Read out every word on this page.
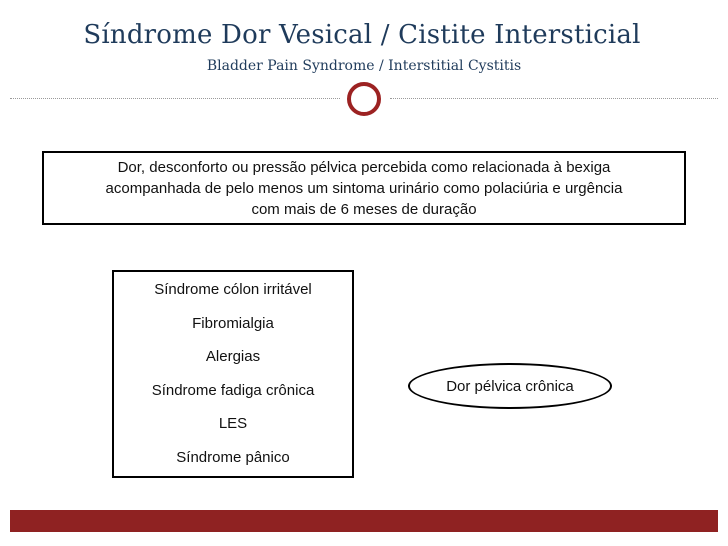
Síndrome Dor Vesical / Cistite Intersticial
Bladder Pain Syndrome / Interstitial Cystitis
Dor, desconforto ou pressão pélvica percebida como relacionada à bexiga
acompanhada de pelo menos um sintoma urinário como polaciúria e urgência
com mais de 6 meses de duração
Síndrome cólon irritável
Fibromialgia
Alergias
Síndrome fadiga crônica
LES
Síndrome pânico
Dor pélvica crônica
